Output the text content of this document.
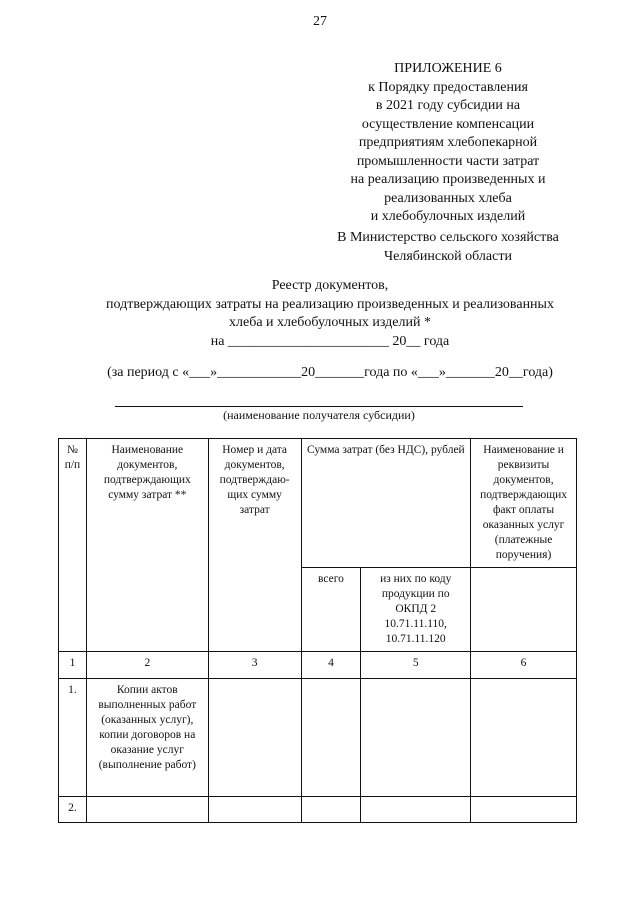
27
ПРИЛОЖЕНИЕ 6
к Порядку предоставления
в 2021 году субсидии на
осуществление компенсации
предприятиям хлебопекарной
промышленности части затрат
на реализацию произведенных и
реализованных хлеба
и хлебобулочных изделий
В Министерство сельского хозяйства
Челябинской области
Реестр документов,
подтверждающих затраты на реализацию произведенных и реализованных
хлеба и хлебобулочных изделий *
на _______________________ 20__ года
(за период с «___»____________20_______года по «___»_______20__года)
(наименование получателя субсидии)
№ п/п	Наименование документов, подтверждающих сумму затрат **	Номер и дата документов, подтверждаю-щих сумму затрат	Сумма затрат (без НДС), рублей		Наименование и реквизиты документов, подтверждающих факт оплаты оказанных услуг (платежные поручения)
			всего	из них по коду продукции по ОКПД 2 10.71.11.110, 10.71.11.120	
1	2	3	4	5	6
1.	Копии актов выполненных работ (оказанных услуг), копии договоров на оказание услуг (выполнение работ)				
2.					
